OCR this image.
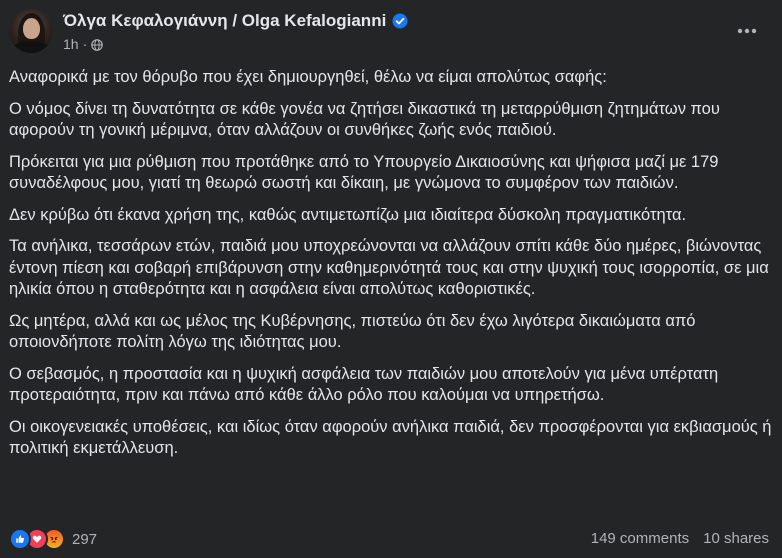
Όλγα Κεφαλογιάννη / Olga Kefalogianni
1h ·

Αναφορικά με τον θόρυβο που έχει δημιουργηθεί, θέλω να είμαι απολύτως σαφής:

Ο νόμος δίνει τη δυνατότητα σε κάθε γονέα να ζητήσει δικαστικά τη μεταρρύθμιση ζητημάτων που αφορούν τη γονική μέριμνα, όταν αλλάζουν οι συνθήκες ζωής ενός παιδιού.

Πρόκειται για μια ρύθμιση που προτάθηκε από το Υπουργείο Δικαιοσύνης και ψήφισα μαζί με 179 συναδέλφους μου, γιατί τη θεωρώ σωστή και δίκαιη, με γνώμονα το συμφέρον των παιδιών.

Δεν κρύβω ότι έκανα χρήση της, καθώς αντιμετωπίζω μια ιδιαίτερα δύσκολη πραγματικότητα.

Τα ανήλικα, τεσσάρων ετών, παιδιά μου υποχρεώνονται να αλλάζουν σπίτι κάθε δύο ημέρες, βιώνοντας έντονη πίεση και σοβαρή επιβάρυνση στην καθημερινότητά τους και στην ψυχική τους ισορροπία, σε μια ηλικία όπου η σταθερότητα και η ασφάλεια είναι απολύτως καθοριστικές.

Ως μητέρα, αλλά και ως μέλος της Κυβέρνησης, πιστεύω ότι δεν έχω λιγότερα δικαιώματα από οποιονδήποτε πολίτη λόγω της ιδιότητας μου.

Ο σεβασμός, η προστασία και η ψυχική ασφάλεια των παιδιών μου αποτελούν για μένα υπέρτατη προτεραιότητα, πριν και πάνω από κάθε άλλο ρόλο που καλούμαι να υπηρετήσω.

Οι οικογενειακές υποθέσεις, και ιδίως όταν αφορούν ανήλικα παιδιά, δεν προσφέρονται για εκβιασμούς ή πολιτική εκμετάλλευση.

297	149 comments 10 shares
